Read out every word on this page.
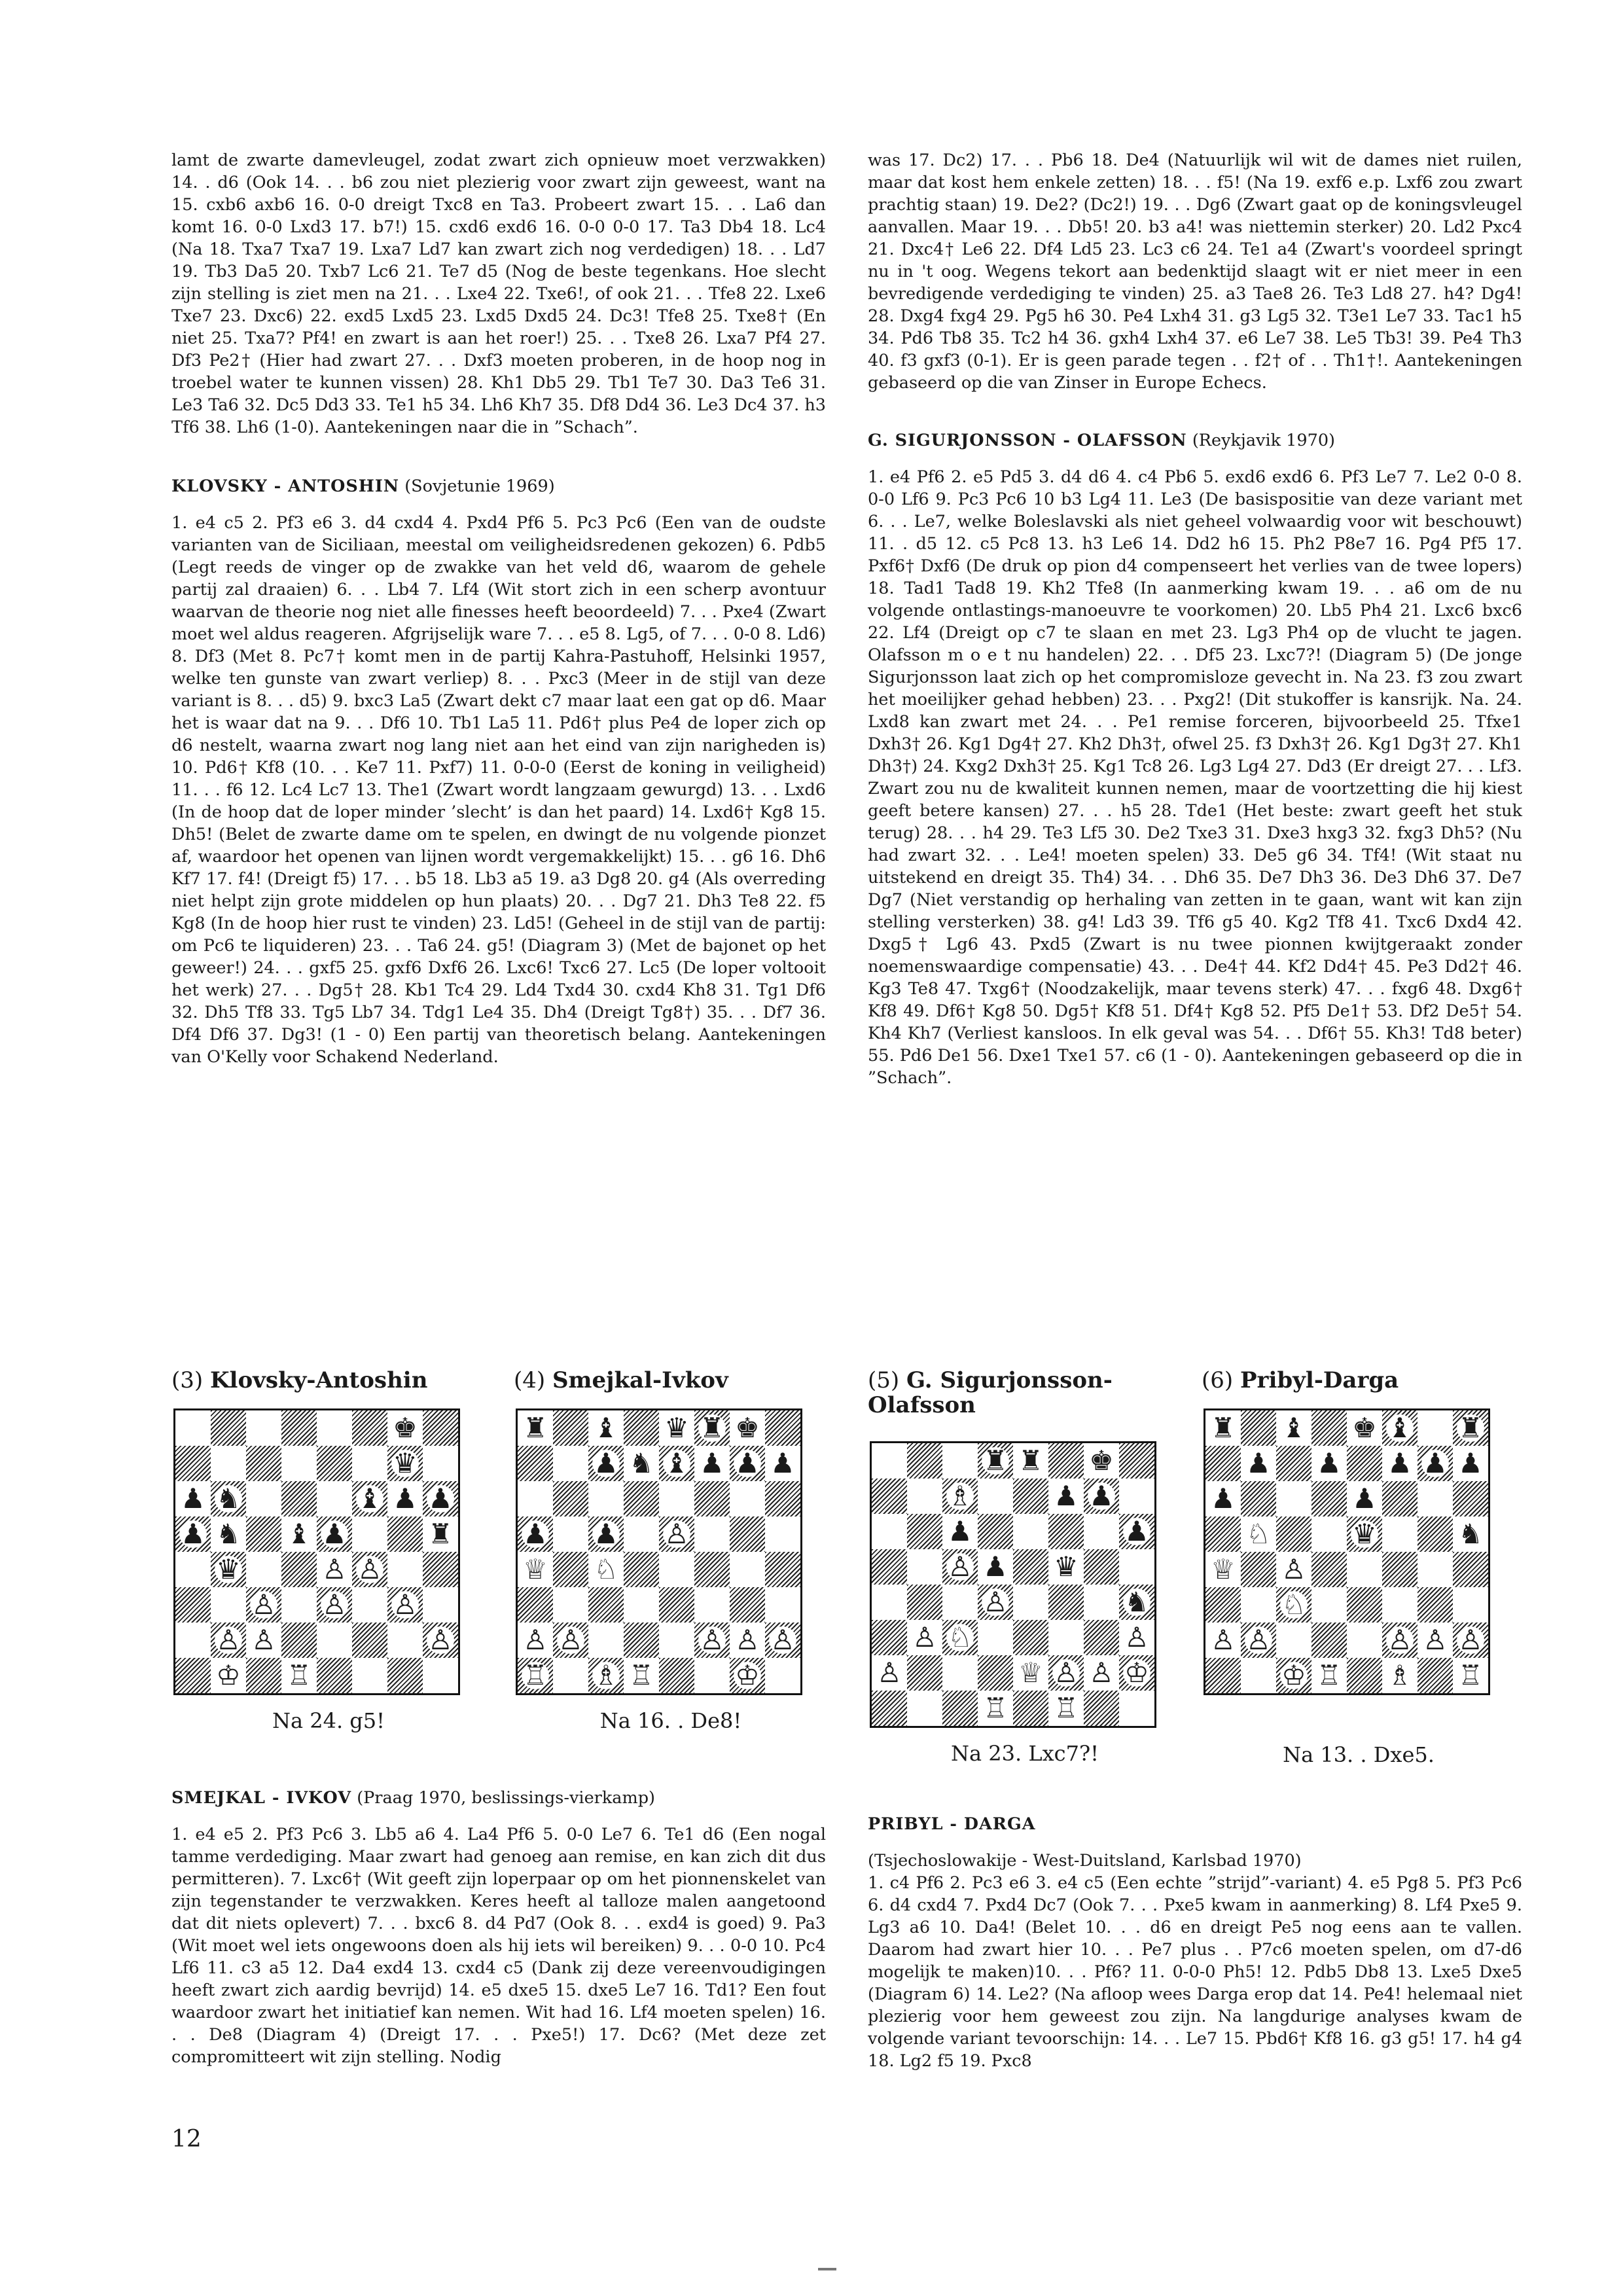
lamt de zwarte damevleugel, zodat zwart zich opnieuw moet verzwakken) 14. . d6 (Ook 14. . . b6 zou niet plezierig voor zwart zijn geweest, want na 15. cxb6 axb6 16. 0-0 dreigt Txc8 en Ta3. Probeert zwart 15. . . La6 dan komt 16. 0-0 Lxd3 17. b7!) 15. cxd6 exd6 16. 0-0 0-0 17. Ta3 Db4 18. Lc4 (Na 18. Txa7 Txa7 19. Lxa7 Ld7 kan zwart zich nog verdedigen) 18. . . Ld7 19. Tb3 Da5 20. Txb7 Lc6 21. Te7 d5 (Nog de beste tegenkans. Hoe slecht zijn stelling is ziet men na 21. . . Lxe4 22. Txe6!, of ook 21. . . Tfe8 22. Lxe6 Txe7 23. Dxc6) 22. exd5 Lxd5 23. Lxd5 Dxd5 24. Dc3! Tfe8 25. Txe8† (En niet 25. Txa7? Pf4! en zwart is aan het roer!) 25. . . Txe8 26. Lxa7 Pf4 27. Df3 Pe2† (Hier had zwart 27. . . Dxf3 moeten proberen, in de hoop nog in troebel water te kunnen vissen) 28. Kh1 Db5 29. Tb1 Te7 30. Da3 Te6 31. Le3 Ta6 32. Dc5 Dd3 33. Te1 h5 34. Lh6 Kh7 35. Df8 Dd4 36. Le3 Dc4 37. h3 Tf6 38. Lh6 (1-0). Aantekeningen naar die in ”Schach”.

KLOVSKY - ANTOSHIN (Sovjetunie 1969)

1. e4 c5 2. Pf3 e6 3. d4 cxd4 4. Pxd4 Pf6 5. Pc3 Pc6 (Een van de oudste varianten van de Siciliaan, meestal om veiligheidsredenen gekozen) 6. Pdb5 (Legt reeds de vinger op de zwakke van het veld d6, waarom de gehele partij zal draaien) 6. . . Lb4 7. Lf4 (Wit stort zich in een scherp avontuur waarvan de theorie nog niet alle finesses heeft beoordeeld) 7. . . Pxe4 (Zwart moet wel aldus reageren. Afgrijselijk ware 7. . . e5 8. Lg5, of 7. . . 0-0 8. Ld6) 8. Df3 (Met 8. Pc7† komt men in de partij Kahra-Pastuhoff, Helsinki 1957, welke ten gunste van zwart verliep) 8. . . Pxc3 (Meer in de stijl van deze variant is 8. . . d5) 9. bxc3 La5 (Zwart dekt c7 maar laat een gat op d6. Maar het is waar dat na 9. . . Df6 10. Tb1 La5 11. Pd6† plus Pe4 de loper zich op d6 nestelt, waarna zwart nog lang niet aan het eind van zijn narigheden is) 10. Pd6† Kf8 (10. . . Ke7 11. Pxf7) 11. 0-0-0 (Eerst de koning in veiligheid) 11. . . f6 12. Lc4 Lc7 13. The1 (Zwart wordt langzaam gewurgd) 13. . . Lxd6 (In de hoop dat de loper minder ’slecht’ is dan het paard) 14. Lxd6† Kg8 15. Dh5! (Belet de zwarte dame om te spelen, en dwingt de nu volgende pionzet af, waardoor het openen van lijnen wordt vergemakkelijkt) 15. . . g6 16. Dh6 Kf7 17. f4! (Dreigt f5) 17. . . b5 18. Lb3 a5 19. a3 Dg8 20. g4 (Als overreding niet helpt zijn grote middelen op hun plaats) 20. . . Dg7 21. Dh3 Te8 22. f5 Kg8 (In de hoop hier rust te vinden) 23. Ld5! (Geheel in de stijl van de partij: om Pc6 te liquideren) 23. . . Ta6 24. g5! (Diagram 3) (Met de bajonet op het geweer!) 24. . . gxf5 25. gxf6 Dxf6 26. Lxc6! Txc6 27. Lc5 (De loper voltooit het werk) 27. . . Dg5† 28. Kb1 Tc4 29. Ld4 Txd4 30. cxd4 Kh8 31. Tg1 Df6 32. Dh5 Tf8 33. Tg5 Lb7 34. Tdg1 Le4 35. Dh4 (Dreigt Tg8†) 35. . . Df7 36. Df4 Df6 37. Dg3! (1 - 0) Een partij van theoretisch belang. Aantekeningen van O'Kelly voor Schakend Nederland.

SMEJKAL - IVKOV (Praag 1970, beslissings-vierkamp)

1. e4 e5 2. Pf3 Pc6 3. Lb5 a6 4. La4 Pf6 5. 0-0 Le7 6. Te1 d6 (Een nogal tamme verdediging. Maar zwart had genoeg aan remise, en kan zich dit dus permitteren). 7. Lxc6† (Wit geeft zijn loperpaar op om het pionnenskelet van zijn tegenstander te verzwakken. Keres heeft al talloze malen aangetoond dat dit niets oplevert) 7. . . bxc6 8. d4 Pd7 (Ook 8. . . exd4 is goed) 9. Pa3 (Wit moet wel iets ongewoons doen als hij iets wil bereiken) 9. . . 0-0 10. Pc4 Lf6 11. c3 a5 12. Da4 exd4 13. cxd4 c5 (Dank zij deze vereenvoudigingen heeft zwart zich aardig bevrijd) 14. e5 dxe5 15. dxe5 Le7 16. Td1? Een fout waardoor zwart het initiatief kan nemen. Wit had 16. Lf4 moeten spelen) 16. . . De8 (Diagram 4) (Dreigt 17. . . Pxe5!) 17. Dc6? (Met deze zet compromitteert wit zijn stelling. Nodig

was 17. Dc2) 17. . . Pb6 18. De4 (Natuurlijk wil wit de dames niet ruilen, maar dat kost hem enkele zetten) 18. . . f5! (Na 19. exf6 e.p. Lxf6 zou zwart prachtig staan) 19. De2? (Dc2!) 19. . . Dg6 (Zwart gaat op de koningsvleugel aanvallen. Maar 19. . . Db5! 20. b3 a4! was niettemin sterker) 20. Ld2 Pxc4 21. Dxc4† Le6 22. Df4 Ld5 23. Lc3 c6 24. Te1 a4 (Zwart's voordeel springt nu in 't oog. Wegens tekort aan bedenktijd slaagt wit er niet meer in een bevredigende verdediging te vinden) 25. a3 Tae8 26. Te3 Ld8 27. h4? Dg4! 28. Dxg4 fxg4 29. Pg5 h6 30. Pe4 Lxh4 31. g3 Lg5 32. T3e1 Le7 33. Tac1 h5 34. Pd6 Tb8 35. Tc2 h4 36. gxh4 Lxh4 37. e6 Le7 38. Le5 Tb3! 39. Pe4 Th3 40. f3 gxf3 (0-1). Er is geen parade tegen . . f2† of . . Th1†!. Aantekeningen gebaseerd op die van Zinser in Europe Echecs.

G. SIGURJONSSON - OLAFSSON (Reykjavik 1970)

1. e4 Pf6 2. e5 Pd5 3. d4 d6 4. c4 Pb6 5. exd6 exd6 6. Pf3 Le7 7. Le2 0-0 8. 0-0 Lf6 9. Pc3 Pc6 10 b3 Lg4 11. Le3 (De basispositie van deze variant met 6. . . Le7, welke Boleslavski als niet geheel volwaardig voor wit beschouwt) 11. . d5 12. c5 Pc8 13. h3 Le6 14. Dd2 h6 15. Ph2 P8e7 16. Pg4 Pf5 17. Pxf6† Dxf6 (De druk op pion d4 compenseert het verlies van de twee lopers) 18. Tad1 Tad8 19. Kh2 Tfe8 (In aanmerking kwam 19. . . a6 om de nu volgende ontlastings-manoeuvre te voorkomen) 20. Lb5 Ph4 21. Lxc6 bxc6 22. Lf4 (Dreigt op c7 te slaan en met 23. Lg3 Ph4 op de vlucht te jagen. Olafsson m o e t nu handelen) 22. . . Df5 23. Lxc7?! (Diagram 5) (De jonge Sigurjonsson laat zich op het compromisloze gevecht in. Na 23. f3 zou zwart het moeilijker gehad hebben) 23. . . Pxg2! (Dit stukoffer is kansrijk. Na. 24. Lxd8 kan zwart met 24. . . Pe1 remise forceren, bijvoorbeeld 25. Tfxe1 Dxh3† 26. Kg1 Dg4† 27. Kh2 Dh3†, ofwel 25. f3 Dxh3† 26. Kg1 Dg3† 27. Kh1 Dh3†) 24. Kxg2 Dxh3† 25. Kg1 Tc8 26. Lg3 Lg4 27. Dd3 (Er dreigt 27. . . Lf3. Zwart zou nu de kwaliteit kunnen nemen, maar de voortzetting die hij kiest geeft betere kansen) 27. . . h5 28. Tde1 (Het beste: zwart geeft het stuk terug) 28. . . h4 29. Te3 Lf5 30. De2 Txe3 31. Dxe3 hxg3 32. fxg3 Dh5? (Nu had zwart 32. . . Le4! moeten spelen) 33. De5 g6 34. Tf4! (Wit staat nu uitstekend en dreigt 35. Th4) 34. . . Dh6 35. De7 Dh3 36. De3 Dh6 37. De7 Dg7 (Niet verstandig op herhaling van zetten in te gaan, want wit kan zijn stelling versterken) 38. g4! Ld3 39. Tf6 g5 40. Kg2 Tf8 41. Txc6 Dxd4 42. Dxg5† Lg6 43. Pxd5 (Zwart is nu twee pionnen kwijtgeraakt zonder noemenswaardige compensatie) 43. . . De4† 44. Kf2 Dd4† 45. Pe3 Dd2† 46. Kg3 Te8 47. Txg6† (Noodzakelijk, maar tevens sterk) 47. . . fxg6 48. Dxg6† Kf8 49. Df6† Kg8 50. Dg5† Kf8 51. Df4† Kg8 52. Pf5 De1† 53. Df2 De5† 54. Kh4 Kh7 (Verliest kansloos. In elk geval was 54. . . Df6† 55. Kh3! Td8 beter) 55. Pd6 De1 56. Dxe1 Txe1 57. c6 (1 - 0). Aantekeningen gebaseerd op die in ”Schach”.

PRIBYL - DARGA

(Tsjechoslowakije - West-Duitsland, Karlsbad 1970)

1. c4 Pf6 2. Pc3 e6 3. e4 c5 (Een echte ”strijd”-variant) 4. e5 Pg8 5. Pf3 Pc6 6. d4 cxd4 7. Pxd4 Dc7 (Ook 7. . . Pxe5 kwam in aanmerking) 8. Lf4 Pxe5 9. Lg3 a6 10. Da4! (Belet 10. . . d6 en dreigt Pe5 nog eens aan te vallen. Daarom had zwart hier 10. . . Pe7 plus . . P7c6 moeten spelen, om d7-d6 mogelijk te maken)10. . . Pf6? 11. 0-0-0 Ph5! 12. Pdb5 Db8 13. Lxe5 Dxe5 (Diagram 6) 14. Le2? (Na afloop wees Darga erop dat 14. Pe4! helemaal niet plezierig voor hem geweest zou zijn. Na langdurige analyses kwam de volgende variant tevoorschijn: 14. . . Le7 15. Pbd6† Kf8 16. g3 g5! 17. h4 g4 18. Lg2 f5 19. Pxc8

(3) Klovsky-Antoshin
♚
♛
♟ ♞	♝ ♟ ♟
♟ ♞ ♝ ♟	♜
♛	♙ ♙
♙ ♙ ♙
♙ ♙	♙
♔ ♖
Na 24. g5!
(4) Smejkal-Ivkov
♜ ♝ ♛ ♜ ♚
♟ ♞ ♝ ♟ ♟ ♟
♟ ♟ ♙
♕ ♘
♙ ♙	♙ ♙ ♙
♖ ♗ ♖	♔
Na 16. . De8!
(5) G. Sigurjonsson-
Olafsson
♜ ♜ ♚
♗	♟ ♟
♟	♟
♙ ♟ ♛
♙	♞
♙ ♘	♙
♙	♕ ♙ ♙ ♔
♖ ♖
Na 23. Lxc7?!
(6) Pribyl-Darga
♜ ♝ ♚ ♝ ♜
♟ ♟ ♟ ♟ ♟
♟	♟
♘	♛	♞
♕ ♙
♘
♙ ♙	♙ ♙ ♙
♔ ♖ ♗ ♖
Na 13. . Dxe5.
12
